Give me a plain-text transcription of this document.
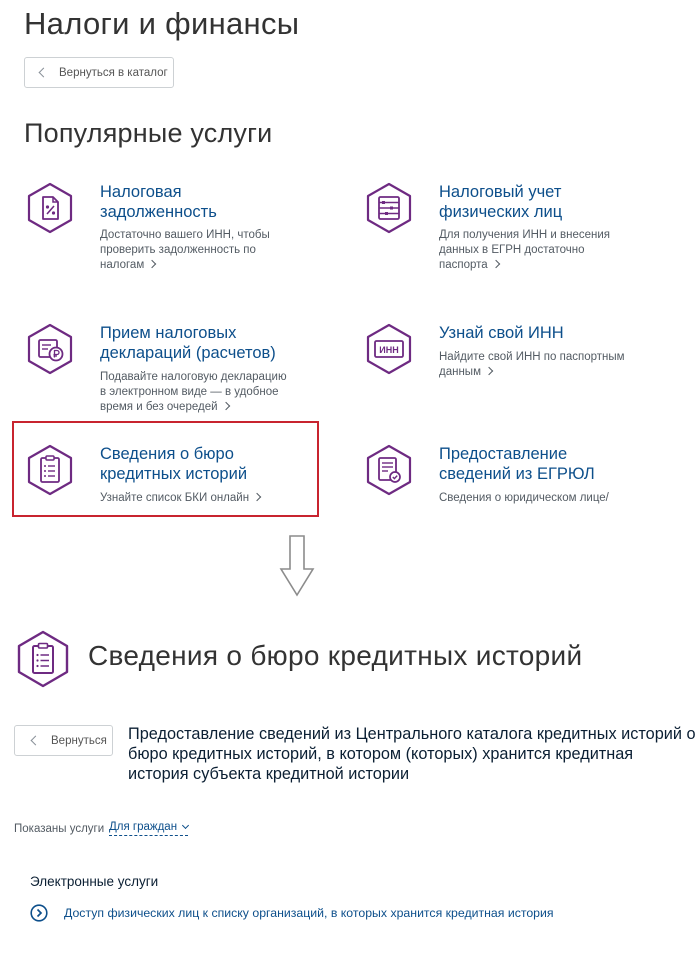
Налоги и финансы
Вернуться в каталог
Популярные услуги
Налоговая
задолженность
Достаточно вашего ИНН, чтобы
проверить задолженность по
налогам
Налоговый учет
физических лиц
Для получения ИНН и внесения
данных в ЕГРН достаточно
паспорта
Прием налоговых
деклараций (расчетов)
Подавайте налоговую декларацию
в электронном виде — в удобное
время и без очередей
ИНН
Узнай свой ИНН
Найдите свой ИНН по паспортным
данным
Сведения о бюро
кредитных историй
Узнайте список БКИ онлайн
Предоставление
сведений из ЕГРЮЛ
Сведения о юридическом лице/
Сведения о бюро кредитных историй
Вернуться Предоставление сведений из Центрального каталога кредитных историй о бюро кредитных историй, в котором (которых) хранится кредитная история субъекта кредитной истории
Показаны услуги Для граждан
Электронные услуги
Доступ физических лиц к списку организаций, в которых хранится кредитная история
